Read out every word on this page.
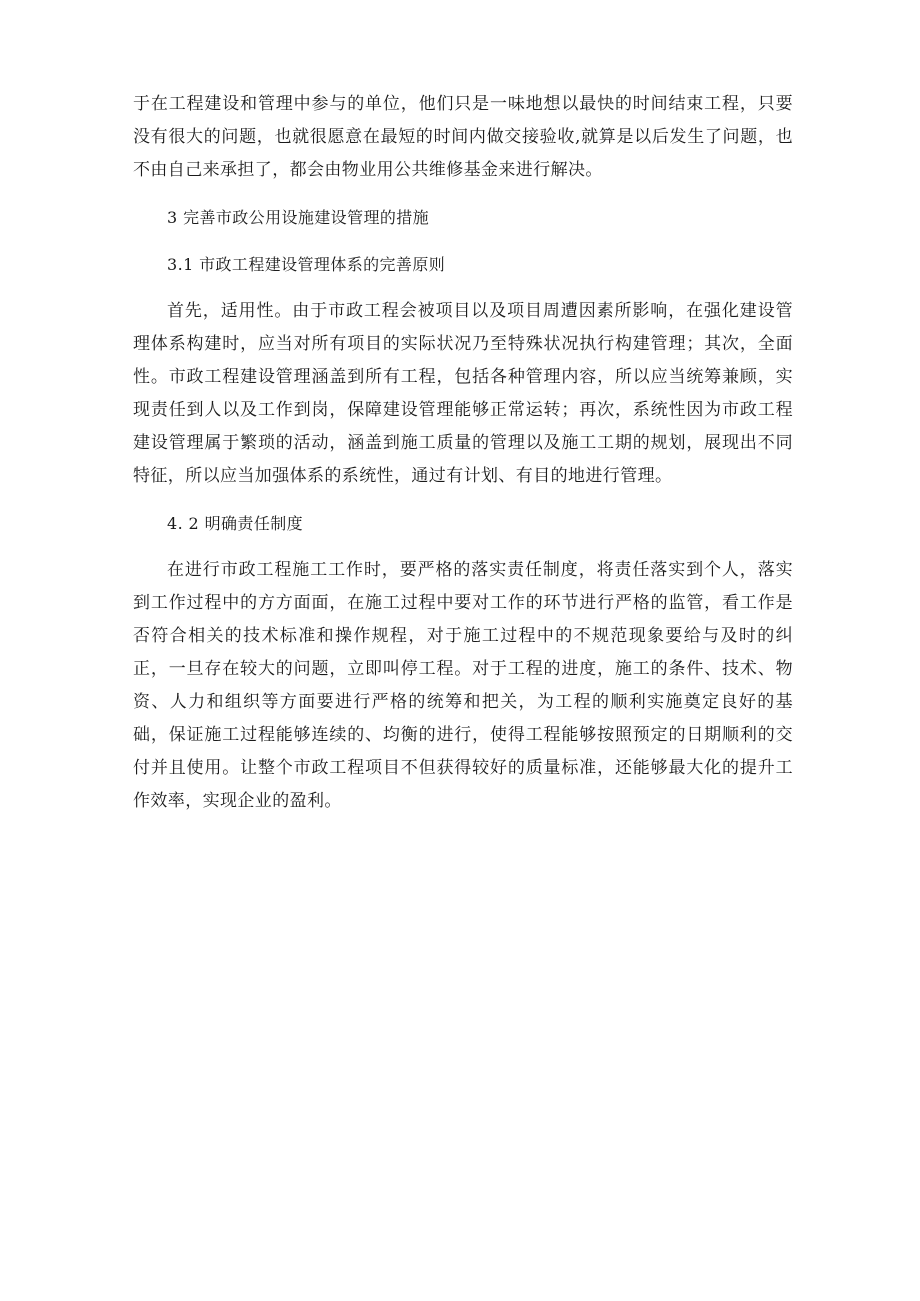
于在工程建设和管理中参与的单位，他们只是一味地想以最快的时间结束工程，只要没有很大的问题，也就很愿意在最短的时间内做交接验收,就算是以后发生了问题，也不由自己来承担了，都会由物业用公共维修基金来进行解决。

3 完善市政公用设施建设管理的措施

3.1 市政工程建设管理体系的完善原则

首先，适用性。由于市政工程会被项目以及项目周遭因素所影响，在强化建设管理体系构建时，应当对所有项目的实际状况乃至特殊状况执行构建管理；其次，全面性。市政工程建设管理涵盖到所有工程，包括各种管理内容，所以应当统筹兼顾，实现责任到人以及工作到岗，保障建设管理能够正常运转；再次，系统性因为市政工程建设管理属于繁琐的活动，涵盖到施工质量的管理以及施工工期的规划，展现出不同特征，所以应当加强体系的系统性，通过有计划、有目的地进行管理。

4. 2 明确责任制度

在进行市政工程施工工作时，要严格的落实责任制度，将责任落实到个人，落实到工作过程中的方方面面，在施工过程中要对工作的环节进行严格的监管，看工作是否符合相关的技术标准和操作规程，对于施工过程中的不规范现象要给与及时的纠正，一旦存在较大的问题，立即叫停工程。对于工程的进度，施工的条件、技术、物资、人力和组织等方面要进行严格的统筹和把关，为工程的顺利实施奠定良好的基础，保证施工过程能够连续的、均衡的进行，使得工程能够按照预定的日期顺利的交付并且使用。让整个市政工程项目不但获得较好的质量标准，还能够最大化的提升工作效率，实现企业的盈利。
